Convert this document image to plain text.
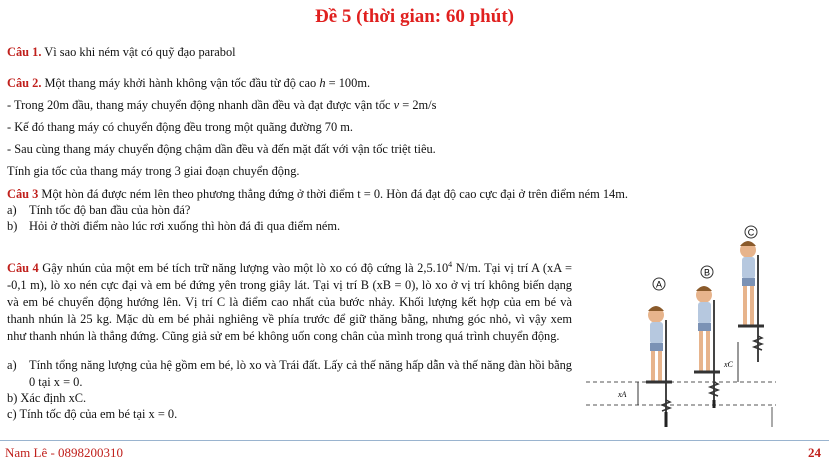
Đề 5 (thời gian: 60 phút)
Câu 1. Vì sao khi ném vật có quỹ đạo parabol
Câu 2. Một thang máy khởi hành không vận tốc đầu từ độ cao h = 100m.
- Trong 20m đầu, thang máy chuyển động nhanh dần đều và đạt được vận tốc v = 2m/s
- Kế đó thang máy có chuyển động đều trong một quãng đường 70 m.
- Sau cùng thang máy chuyển động chậm dần đều và đến mặt đất với vận tốc triệt tiêu.
Tính gia tốc của thang máy trong 3 giai đoạn chuyển động.
Câu 3 Một hòn đá được ném lên theo phương thẳng đứng ở thời điểm t = 0. Hòn đá đạt độ cao cực đại ở trên điểm ném 14m.
a) Tính tốc độ ban đầu của hòn đá?
b) Hỏi ở thời điểm nào lúc rơi xuống thì hòn đá đi qua điểm ném.
Câu 4 Gậy nhún của một em bé tích trữ năng lượng vào một lò xo có độ cứng là 2,5.10$^4$ N/m. Tại vị trí A (xA = -0,1 m), lò xo nén cực đại và em bé đứng yên trong giây lát. Tại vị trí B (xB = 0), lò xo ở vị trí không biến dạng và em bé chuyển động hướng lên. Vị trí C là điểm cao nhất của bước nhảy. Khối lượng kết hợp của em bé và thanh nhún là 25 kg. Mặc dù em bé phải nghiêng về phía trước để giữ thăng bằng, nhưng góc nhỏ, vì vậy xem như thanh nhún là thẳng đứng. Cũng giả sử em bé không uốn cong chân của mình trong quá trình chuyển động.
a) Tính tổng năng lượng của hệ gồm em bé, lò xo và Trái đất. Lấy cả thế năng hấp dẫn và thế năng đàn hồi bằng 0 tại x = 0.
b) Xác định xC.
c) Tính tốc độ của em bé tại x = 0.
A
B
C
xA
xC
Nam Lê - 0898200310	24
